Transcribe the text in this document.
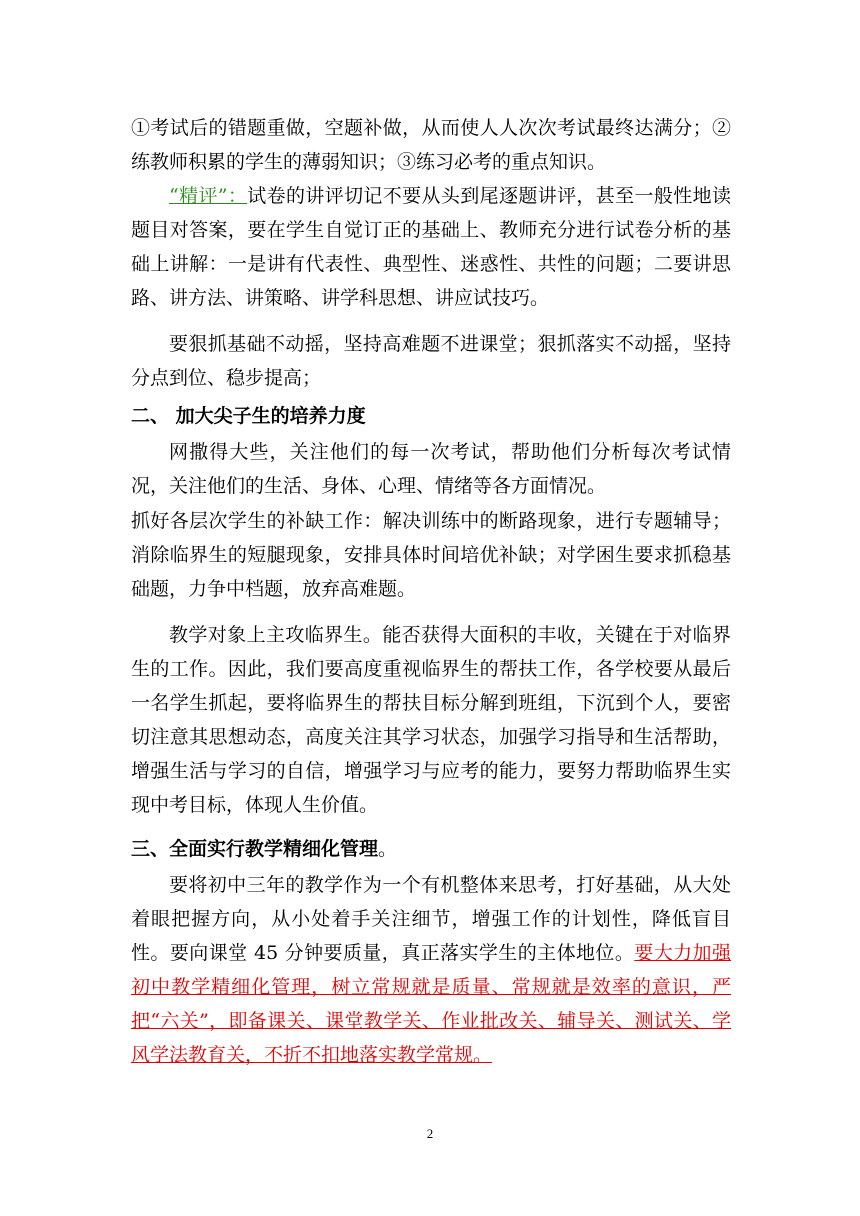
①考试后的错题重做，空题补做，从而使人人次次考试最终达满分；②练教师积累的学生的薄弱知识；③练习必考的重点知识。
“精评”：试卷的讲评切记不要从头到尾逐题讲评，甚至一般性地读题目对答案，要在学生自觉订正的基础上、教师充分进行试卷分析的基础上讲解：一是讲有代表性、典型性、迷惑性、共性的问题；二要讲思路、讲方法、讲策略、讲学科思想、讲应试技巧。
要狠抓基础不动摇，坚持高难题不进课堂；狠抓落实不动摇，坚持分点到位、稳步提高；
二、 加大尖子生的培养力度
网撒得大些，关注他们的每一次考试，帮助他们分析每次考试情况，关注他们的生活、身体、心理、情绪等各方面情况。
抓好各层次学生的补缺工作：解决训练中的断路现象，进行专题辅导；消除临界生的短腿现象，安排具体时间培优补缺；对学困生要求抓稳基础题，力争中档题，放弃高难题。
教学对象上主攻临界生。能否获得大面积的丰收，关键在于对临界生的工作。因此，我们要高度重视临界生的帮扶工作，各学校要从最后一名学生抓起，要将临界生的帮扶目标分解到班组，下沉到个人，要密切注意其思想动态，高度关注其学习状态，加强学习指导和生活帮助，增强生活与学习的自信，增强学习与应考的能力，要努力帮助临界生实现中考目标，体现人生价值。
三、全面实行教学精细化管理。
要将初中三年的教学作为一个有机整体来思考，打好基础，从大处着眼把握方向，从小处着手关注细节，增强工作的计划性，降低盲目性。要向课堂 45 分钟要质量，真正落实学生的主体地位。要大力加强初中教学精细化管理，树立常规就是质量、常规就是效率的意识，严把“六关”，即备课关、课堂教学关、作业批改关、辅导关、测试关、学风学法教育关，不折不扣地落实教学常规。
2
